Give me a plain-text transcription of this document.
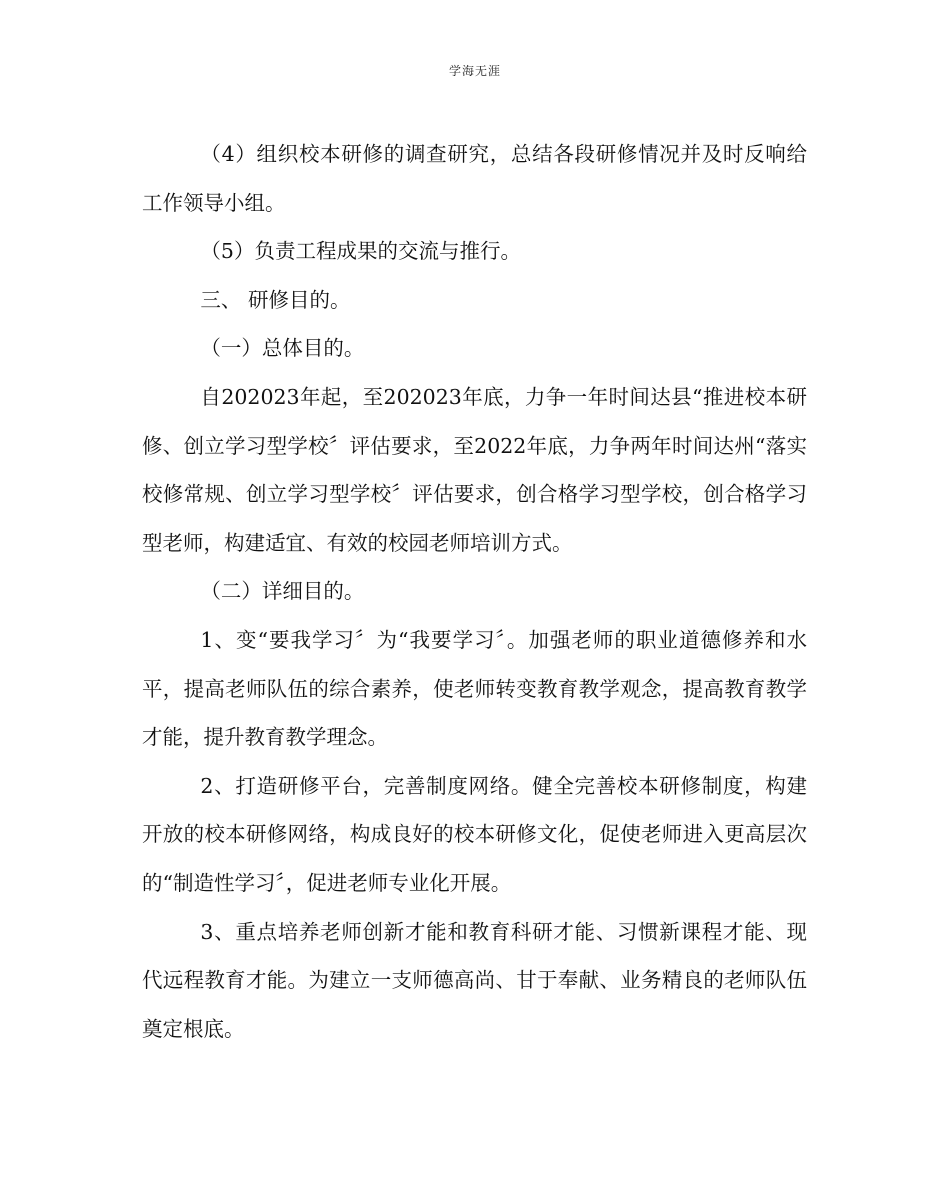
学海无涯

（4）组织校本研修的调查研究，总结各段研修情况并及时反响给工作领导小组。

（5）负责工程成果的交流与推行。

三、 研修目的。

（一）总体目的。

自202023年起，至202023年底，力争一年时间达县“推进校本研修、创立学习型学校〞评估要求，至2022年底，力争两年时间达州“落实校修常规、创立学习型学校〞评估要求，创合格学习型学校，创合格学习型老师，构建适宜、有效的校园老师培训方式。

（二）详细目的。

1、变“要我学习〞为“我要学习〞。加强老师的职业道德修养和水平，提高老师队伍的综合素养，使老师转变教育教学观念，提高教育教学才能，提升教育教学理念。

2、打造研修平台，完善制度网络。健全完善校本研修制度，构建开放的校本研修网络，构成良好的校本研修文化，促使老师进入更高层次的“制造性学习〞，促进老师专业化开展。

3、重点培养老师创新才能和教育科研才能、习惯新课程才能、现代远程教育才能。为建立一支师德高尚、甘于奉献、业务精良的老师队伍奠定根底。
